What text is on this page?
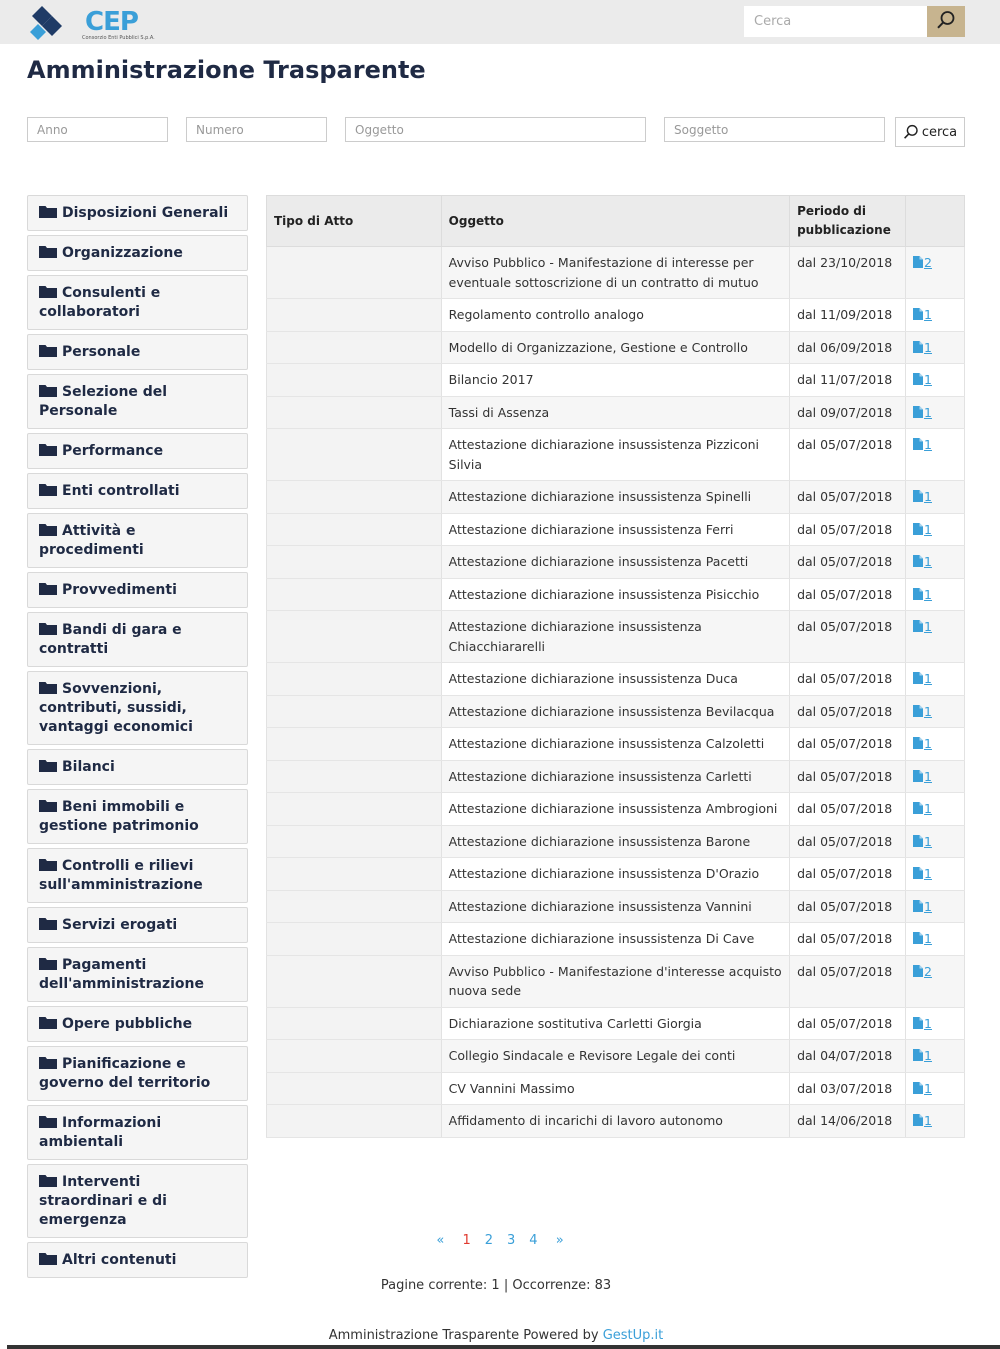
CEP
Consorzio Enti Pubblici S.p.A.
Cerca
Amministrazione Trasparente
Anno
Numero
Oggetto
Soggetto
cerca
Disposizioni Generali
Organizzazione
Consulenti e collaboratori
Personale
Selezione del Personale
Performance
Enti controllati
Attività e procedimenti
Provvedimenti
Bandi di gara e contratti
Sovvenzioni, contributi, sussidi, vantaggi economici
Bilanci
Beni immobili e gestione patrimonio
Controlli e rilievi sull'amministrazione
Servizi erogati
Pagamenti dell'amministrazione
Opere pubbliche
Pianificazione e governo del territorio
Informazioni ambientali
Interventi straordinari e di emergenza
Altri contenuti
Tipo di Atto	Oggetto	Periodo di pubblicazione	
	Avviso Pubblico - Manifestazione di interesse per eventuale sottoscrizione di un contratto di mutuo	dal 23/10/2018	2
	Regolamento controllo analogo	dal 11/09/2018	1
	Modello di Organizzazione, Gestione e Controllo	dal 06/09/2018	1
	Bilancio 2017	dal 11/07/2018	1
	Tassi di Assenza	dal 09/07/2018	1
	Attestazione dichiarazione insussistenza Pizziconi Silvia	dal 05/07/2018	1
	Attestazione dichiarazione insussistenza Spinelli	dal 05/07/2018	1
	Attestazione dichiarazione insussistenza Ferri	dal 05/07/2018	1
	Attestazione dichiarazione insussistenza Pacetti	dal 05/07/2018	1
	Attestazione dichiarazione insussistenza Pisicchio	dal 05/07/2018	1
	Attestazione dichiarazione insussistenza Chiacchiararelli	dal 05/07/2018	1
	Attestazione dichiarazione insussistenza Duca	dal 05/07/2018	1
	Attestazione dichiarazione insussistenza Bevilacqua	dal 05/07/2018	1
	Attestazione dichiarazione insussistenza Calzoletti	dal 05/07/2018	1
	Attestazione dichiarazione insussistenza Carletti	dal 05/07/2018	1
	Attestazione dichiarazione insussistenza Ambrogioni	dal 05/07/2018	1
	Attestazione dichiarazione insussistenza Barone	dal 05/07/2018	1
	Attestazione dichiarazione insussistenza D'Orazio	dal 05/07/2018	1
	Attestazione dichiarazione insussistenza Vannini	dal 05/07/2018	1
	Attestazione dichiarazione insussistenza Di Cave	dal 05/07/2018	1
	Avviso Pubblico - Manifestazione d'interesse acquisto nuova sede	dal 05/07/2018	2
	Dichiarazione sostitutiva Carletti Giorgia	dal 05/07/2018	1
	Collegio Sindacale e Revisore Legale dei conti	dal 04/07/2018	1
	CV Vannini Massimo	dal 03/07/2018	1
	Affidamento di incarichi di lavoro autonomo	dal 14/06/2018	1
« 1 2 3 4 »
Pagine corrente: 1 | Occorrenze: 83
Amministrazione Trasparente Powered by GestUp.it
